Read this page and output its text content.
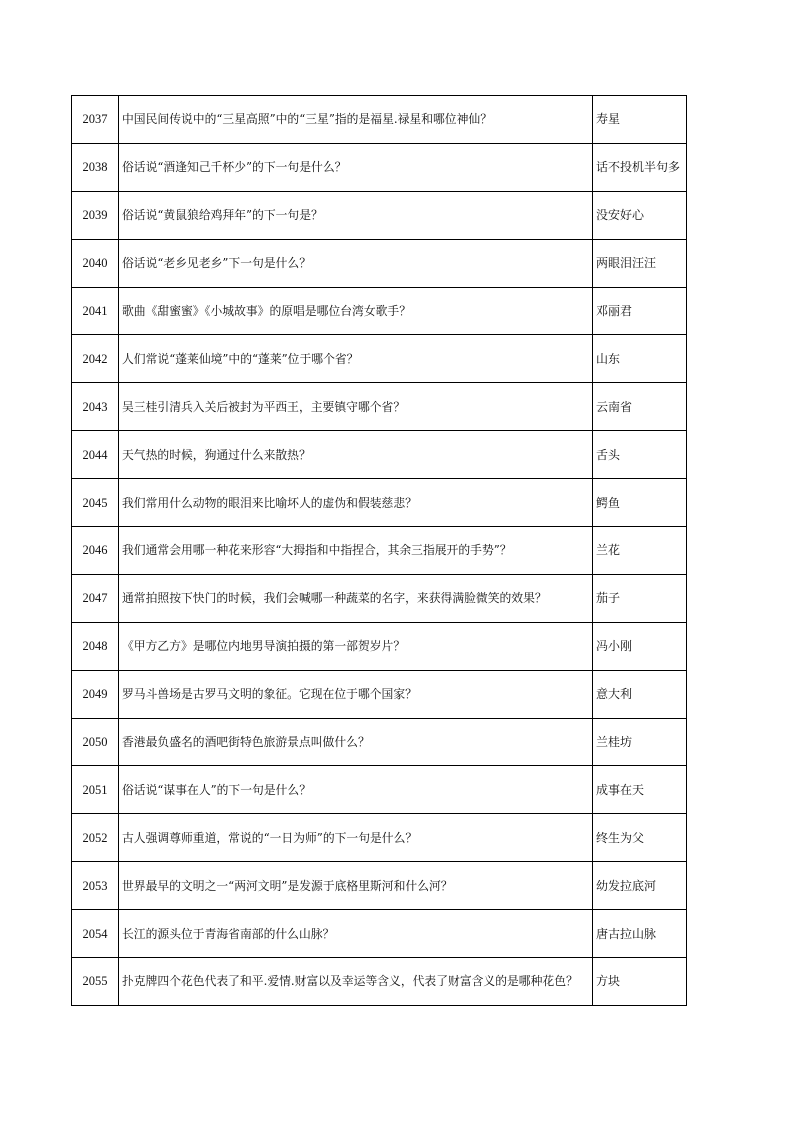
2037	中国民间传说中的“三星高照”中的“三星”指的是福星.禄星和哪位神仙？	寿星
2038	俗话说“酒逢知己千杯少”的下一句是什么？	话不投机半句多
2039	俗话说“黄鼠狼给鸡拜年”的下一句是？	没安好心
2040	俗话说“老乡见老乡”下一句是什么？	两眼泪汪汪
2041	歌曲《甜蜜蜜》《小城故事》的原唱是哪位台湾女歌手？	邓丽君
2042	人们常说“蓬莱仙境”中的“蓬莱”位于哪个省？	山东
2043	吴三桂引清兵入关后被封为平西王，主要镇守哪个省？	云南省
2044	天气热的时候，狗通过什么来散热？	舌头
2045	我们常用什么动物的眼泪来比喻坏人的虚伪和假装慈悲？	鳄鱼
2046	我们通常会用哪一种花来形容“大拇指和中指捏合，其余三指展开的手势”？	兰花
2047	通常拍照按下快门的时候，我们会喊哪一种蔬菜的名字，来获得满脸微笑的效果？	茄子
2048	《甲方乙方》是哪位内地男导演拍摄的第一部贺岁片？	冯小刚
2049	罗马斗兽场是古罗马文明的象征。它现在位于哪个国家？	意大利
2050	香港最负盛名的酒吧街特色旅游景点叫做什么？	兰桂坊
2051	俗话说“谋事在人”的下一句是什么？	成事在天
2052	古人强调尊师重道，常说的“一日为师”的下一句是什么？	终生为父
2053	世界最早的文明之一“两河文明”是发源于底格里斯河和什么河？	幼发拉底河
2054	长江的源头位于青海省南部的什么山脉？	唐古拉山脉
2055	扑克牌四个花色代表了和平.爱情.财富以及幸运等含义，代表了财富含义的是哪种花色？	方块
